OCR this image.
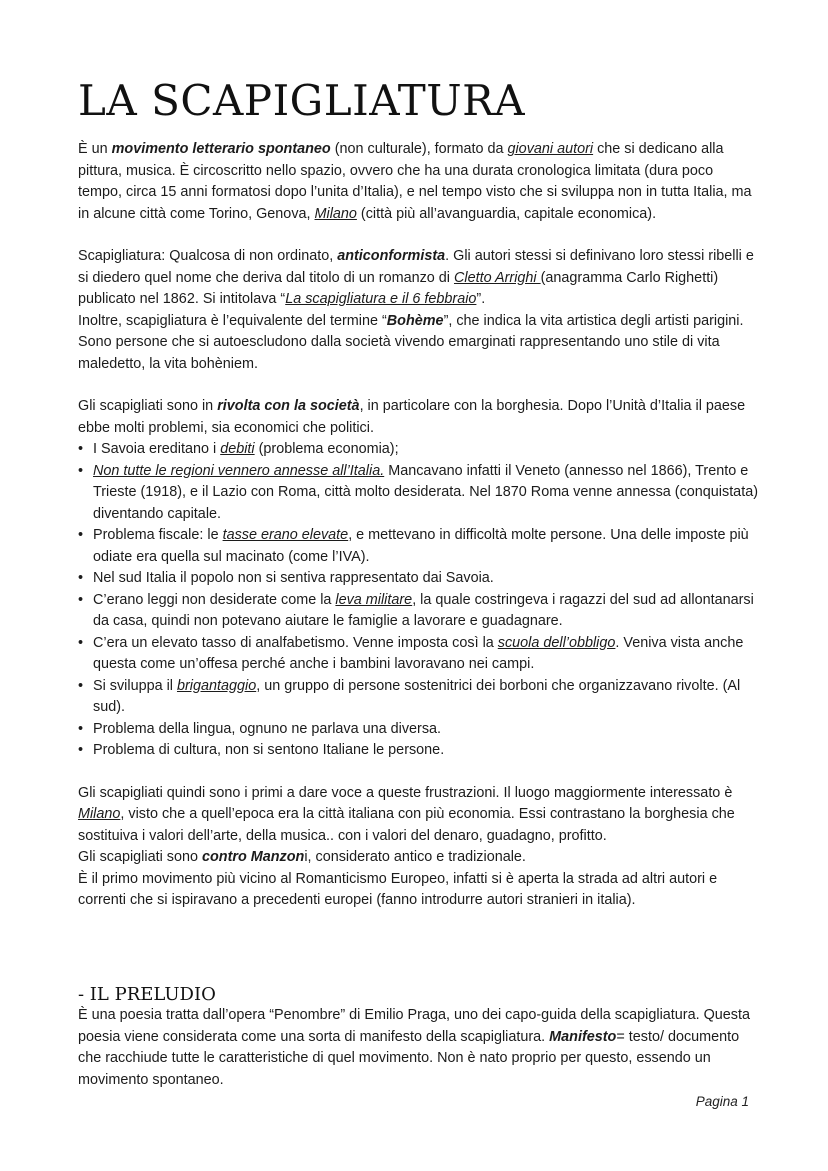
LA SCAPIGLIATURA

È un movimento letterario spontaneo (non culturale), formato da giovani autori che si dedicano alla pittura, musica. È circoscritto nello spazio, ovvero che ha una durata cronologica limitata (dura poco tempo, circa 15 anni formatosi dopo l’unita d’Italia), e nel tempo visto che si sviluppa non in tutta Italia, ma in alcune città come Torino, Genova, Milano (città più all’avanguardia, capitale economica).

Scapigliatura: Qualcosa di non ordinato, anticonformista. Gli autori stessi si definivano loro stessi ribelli e si diedero quel nome che deriva dal titolo di un romanzo di Cletto Arrighi (anagramma Carlo Righetti) publicato nel 1862. Si intitolava “La scapigliatura e il 6 febbraio”.

Inoltre, scapigliatura è l’equivalente del termine “Bohème”, che indica la vita artistica degli artisti parigini. Sono persone che si autoescludono dalla società vivendo emarginati rappresentando uno stile di vita maledetto, la vita bohèniem.

Gli scapigliati sono in rivolta con la società, in particolare con la borghesia. Dopo l’Unità d’Italia il paese ebbe molti problemi, sia economici che politici.

• I Savoia ereditano i debiti (problema economia);
• Non tutte le regioni vennero annesse all’Italia. Mancavano infatti il Veneto (annesso nel 1866), Trento e Trieste (1918), e il Lazio con Roma, città molto desiderata. Nel 1870 Roma venne annessa (conquistata) diventando capitale.
• Problema fiscale: le tasse erano elevate, e mettevano in difficoltà molte persone. Una delle imposte più odiate era quella sul macinato (come l’IVA).
• Nel sud Italia il popolo non si sentiva rappresentato dai Savoia.
• C’erano leggi non desiderate come la leva militare, la quale costringeva i ragazzi del sud ad allontanarsi da casa, quindi non potevano aiutare le famiglie a lavorare e guadagnare.
• C’era un elevato tasso di analfabetismo. Venne imposta così la scuola dell’obbligo. Veniva vista anche questa come un’offesa perché anche i bambini lavoravano nei campi.
• Si sviluppa il brigantaggio, un gruppo di persone sostenitrici dei borboni che organizzavano rivolte. (Al sud).
• Problema della lingua, ognuno ne parlava una diversa.
• Problema di cultura, non si sentono Italiane le persone.

Gli scapigliati quindi sono i primi a dare voce a queste frustrazioni. Il luogo maggiormente interessato è Milano, visto che a quell’epoca era la città italiana con più economia. Essi contrastano la borghesia che sostituiva i valori dell’arte, della musica.. con i valori del denaro, guadagno, profitto.

Gli scapigliati sono contro Manzoni, considerato antico e tradizionale.

È il primo movimento più vicino al Romanticismo Europeo, infatti si è aperta la strada ad altri autori e correnti che si ispiravano a precedenti europei (fanno introdurre autori stranieri in italia).

- IL PRELUDIO

È una poesia tratta dall’opera “Penombre” di Emilio Praga, uno dei capo-guida della scapigliatura. Questa poesia viene considerata come una sorta di manifesto della scapigliatura. Manifesto= testo/ documento che racchiude tutte le caratteristiche di quel movimento. Non è nato proprio per questo, essendo un movimento spontaneo.

Pagina 1
